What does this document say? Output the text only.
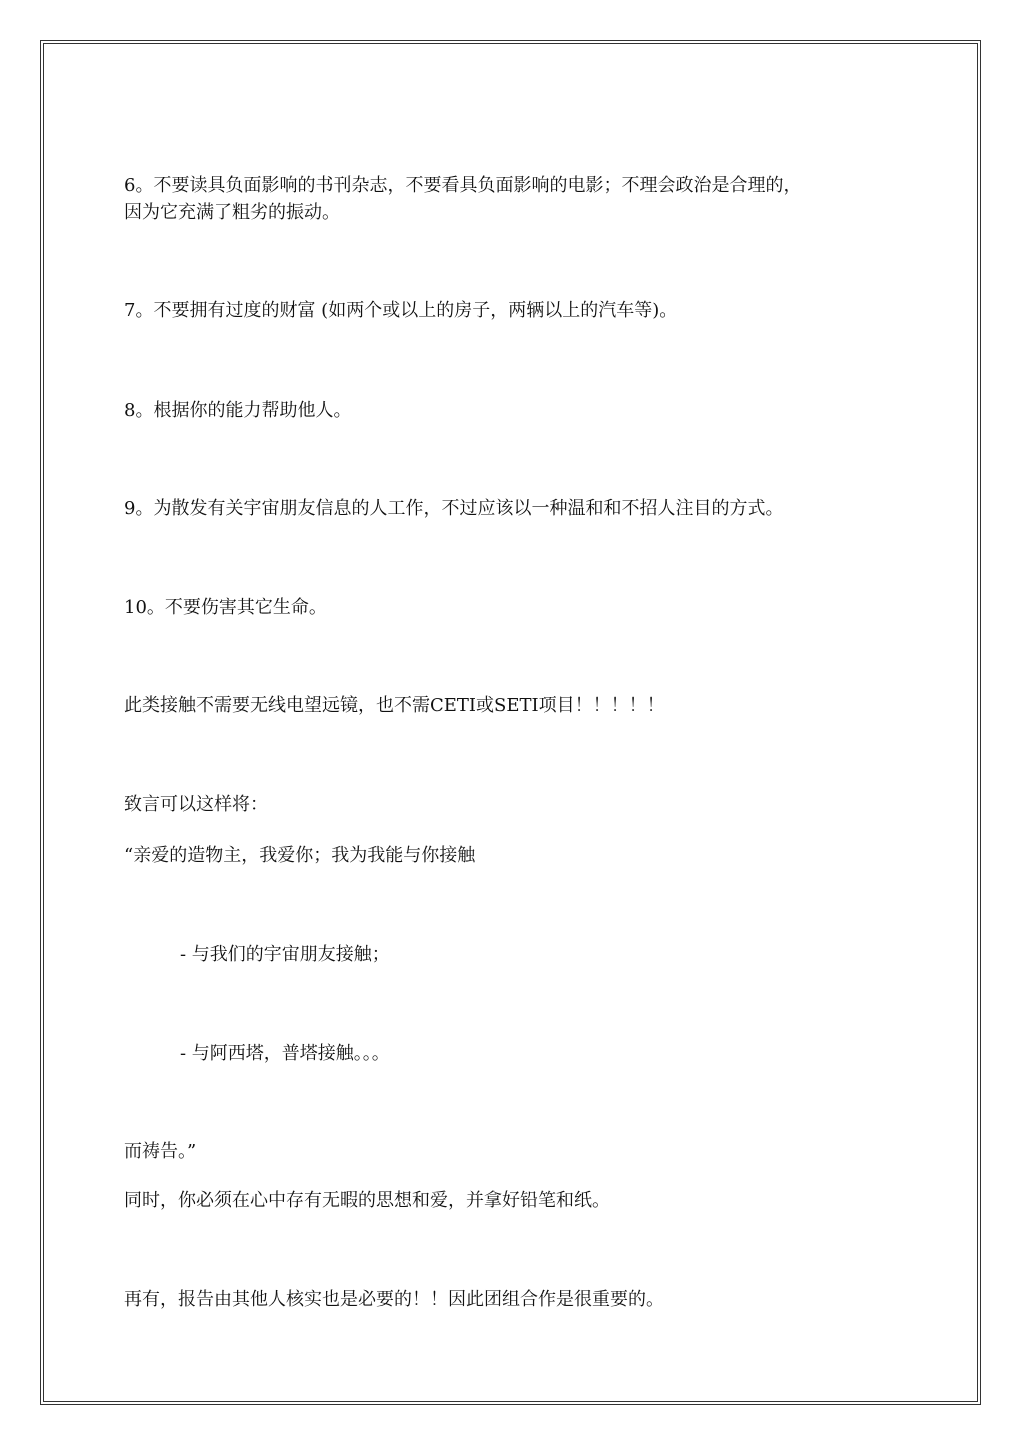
6。不要读具负面影响的书刊杂志，不要看具负面影响的电影；不理会政治是合理的，
因为它充满了粗劣的振动。
7。不要拥有过度的财富 (如两个或以上的房子，两辆以上的汽车等)。
8。根据你的能力帮助他人。
9。为散发有关宇宙朋友信息的人工作，不过应该以一种温和和不招人注目的方式。
10。不要伤害其它生命。
此类接触不需要无线电望远镜，也不需CETI或SETI项目！！！！！
致言可以这样将：
“亲爱的造物主，我爱你；我为我能与你接触
- 与我们的宇宙朋友接触；
- 与阿西塔，普塔接触。。。
而祷告。”
同时，你必须在心中存有无暇的思想和爱，并拿好铅笔和纸。
再有，报告由其他人核实也是必要的！！因此团组合作是很重要的。
